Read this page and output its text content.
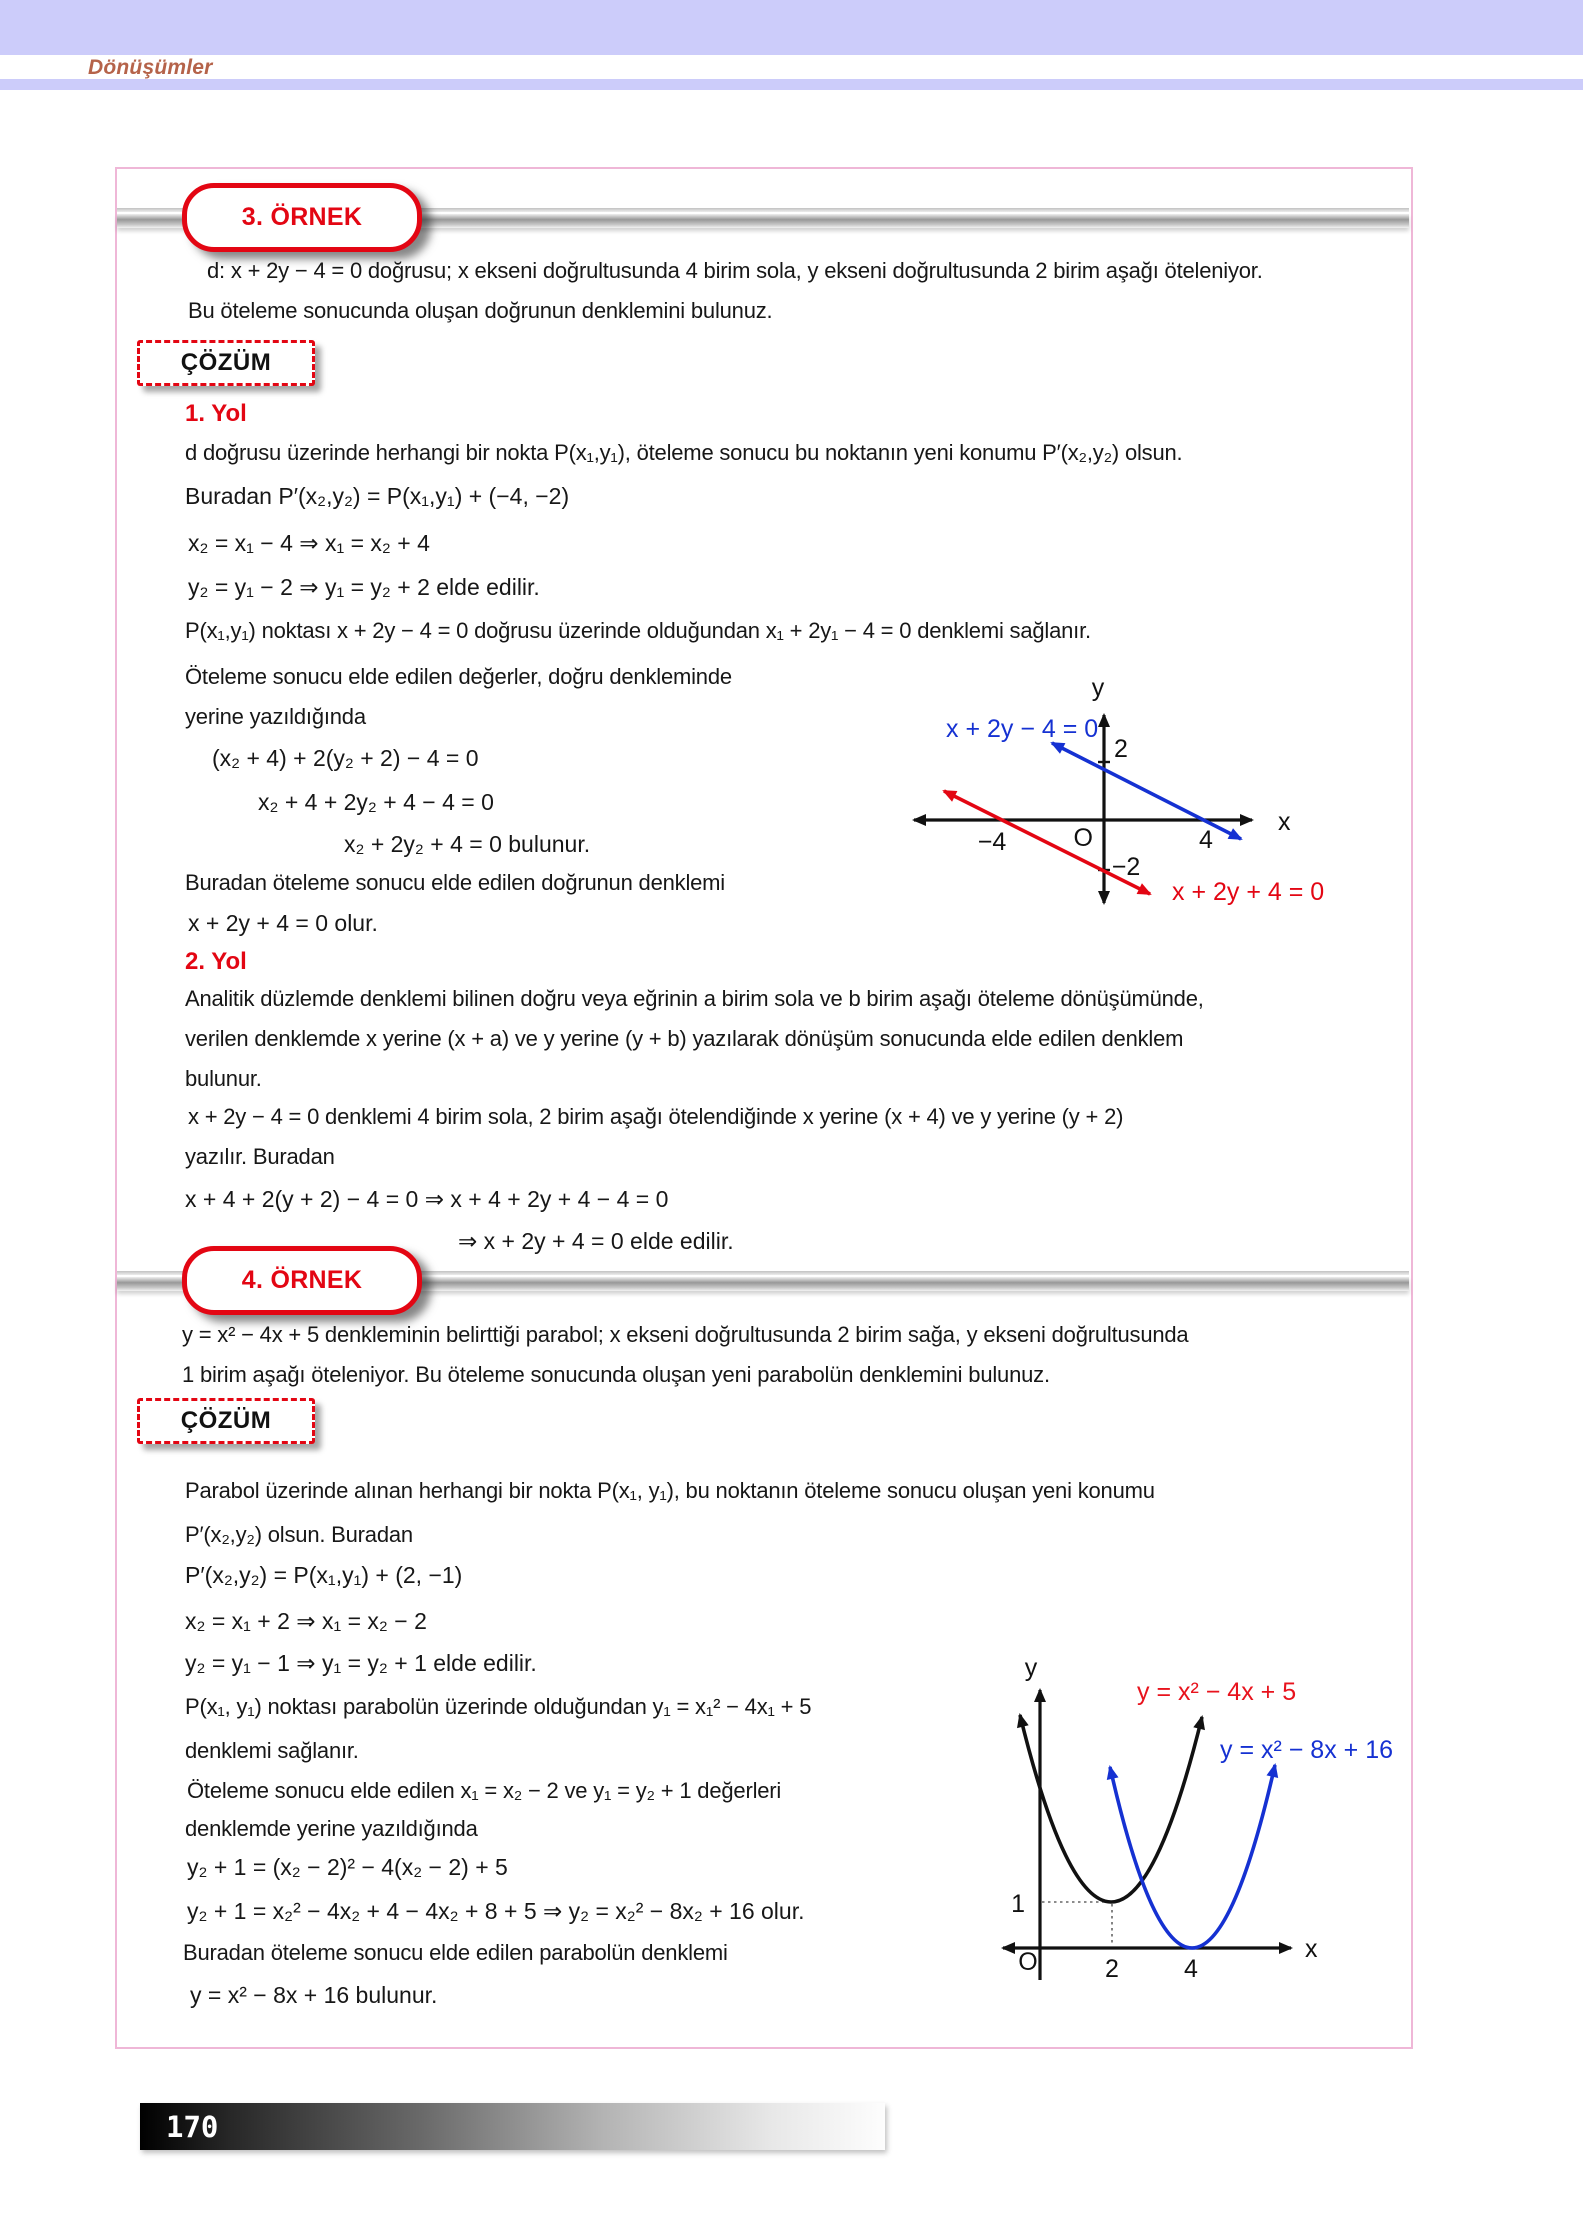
Dönüşümler
3. ÖRNEK
d: x + 2y − 4 = 0 doğrusu; x ekseni doğrultusunda 4 birim sola, y ekseni doğrultusunda 2 birim aşağı öteleniyor.
Bu öteleme sonucunda oluşan doğrunun denklemini bulunuz.
ÇÖZÜM
1. Yol
d doğrusu üzerinde herhangi bir nokta P(x₁,y₁), öteleme sonucu bu noktanın yeni konumu P′(x₂,y₂) olsun.
Buradan P′(x₂,y₂) = P(x₁,y₁) + (−4, −2)
x₂ = x₁ − 4 ⇒ x₁ = x₂ + 4
y₂ = y₁ − 2 ⇒ y₁ = y₂ + 2 elde edilir.
P(x₁,y₁) noktası x + 2y − 4 = 0 doğrusu üzerinde olduğundan x₁ + 2y₁ − 4 = 0 denklemi sağlanır.
Öteleme sonucu elde edilen değerler, doğru denkleminde
yerine yazıldığında
(x₂ + 4) + 2(y₂ + 2) − 4 = 0
x₂ + 4 + 2y₂ + 4 − 4 = 0
x₂ + 2y₂ + 4 = 0 bulunur.
Buradan öteleme sonucu elde edilen doğrunun denklemi
x + 2y + 4 = 0 olur.
y
x
O
2
4
−4
−2
x + 2y − 4 = 0
x + 2y + 4 = 0
2. Yol
Analitik düzlemde denklemi bilinen doğru veya eğrinin a birim sola ve b birim aşağı öteleme dönüşümünde,
verilen denklemde x yerine (x + a) ve y yerine (y + b) yazılarak dönüşüm sonucunda elde edilen denklem
bulunur.
x + 2y − 4 = 0 denklemi 4 birim sola, 2 birim aşağı ötelendiğinde x yerine (x + 4) ve y yerine (y + 2)
yazılır. Buradan
x + 4 + 2(y + 2) − 4 = 0 ⇒ x + 4 + 2y + 4 − 4 = 0
⇒ x + 2y + 4 = 0 elde edilir.
4. ÖRNEK
y = x² − 4x + 5 denkleminin belirttiği parabol; x ekseni doğrultusunda 2 birim sağa, y ekseni doğrultusunda
1 birim aşağı öteleniyor. Bu öteleme sonucunda oluşan yeni parabolün denklemini bulunuz.
ÇÖZÜM
Parabol üzerinde alınan herhangi bir nokta P(x₁, y₁), bu noktanın öteleme sonucu oluşan yeni konumu
P′(x₂,y₂) olsun. Buradan
P′(x₂,y₂) = P(x₁,y₁) + (2, −1)
x₂ = x₁ + 2 ⇒ x₁ = x₂ − 2
y₂ = y₁ − 1 ⇒ y₁ = y₂ + 1 elde edilir.
P(x₁, y₁) noktası parabolün üzerinde olduğundan y₁ = x₁² − 4x₁ + 5
denklemi sağlanır.
Öteleme sonucu elde edilen x₁ = x₂ − 2 ve y₁ = y₂ + 1 değerleri
denklemde yerine yazıldığında
y₂ + 1 = (x₂ − 2)² − 4(x₂ − 2) + 5
y₂ + 1 = x₂² − 4x₂ + 4 − 4x₂ + 8 + 5 ⇒ y₂ = x₂² − 8x₂ + 16 olur.
Buradan öteleme sonucu elde edilen parabolün denklemi
y = x² − 8x + 16 bulunur.
y
x
O
1
2	4
y = x² − 4x + 5
y = x² − 8x + 16
170
